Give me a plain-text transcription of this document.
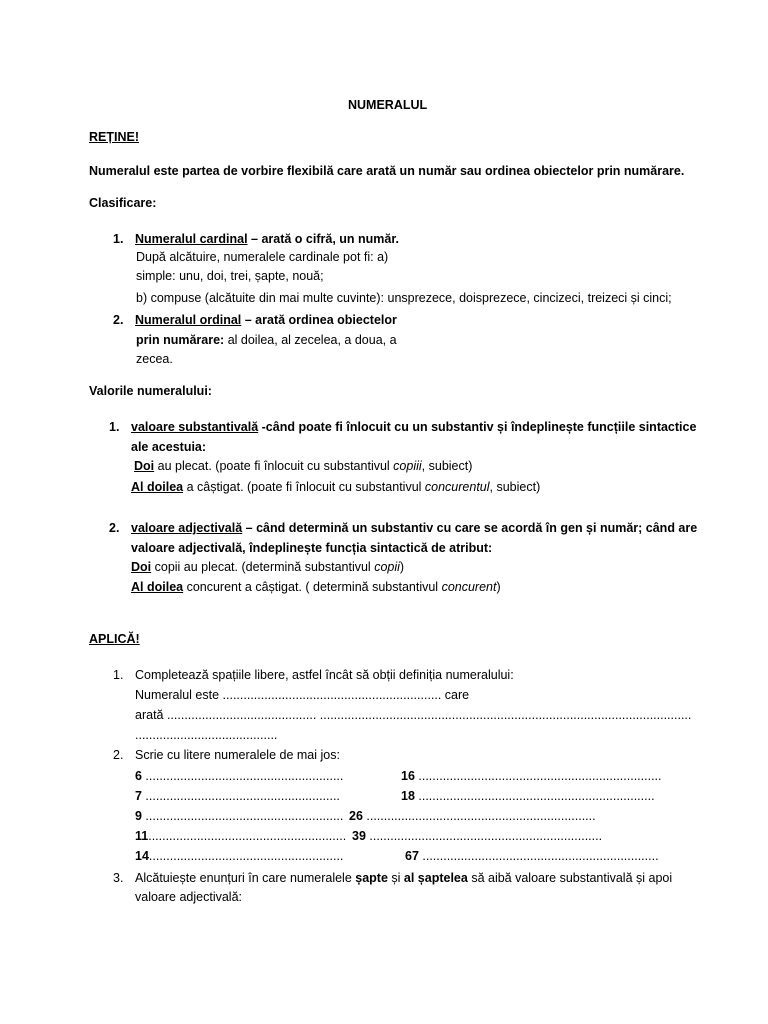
NUMERALUL
REȚINE!
Numeralul este partea de vorbire flexibilă care arată un număr sau ordinea obiectelor prin numărare.
Clasificare:
1. Numeralul cardinal – arată o cifră, un număr.
După alcătuire, numeralele cardinale pot fi: a)
simple: unu, doi, trei, șapte, nouă;
b) compuse (alcătuite din mai multe cuvinte): unsprezece, doisprezece, cincizeci, treizeci și cinci;
2. Numeralul ordinal – arată ordinea obiectelor
prin numărare: al doilea, al zecelea, a doua, a
zecea.
Valorile numeralului:
1. valoare substantivală -când poate fi înlocuit cu un substantiv și îndeplinește funcțiile sintactice
ale acestuia:
Doi au plecat. (poate fi înlocuit cu substantivul copiii, subiect)
Al doilea a câștigat. (poate fi înlocuit cu substantivul concurentul, subiect)
2. valoare adjectivală – când determină un substantiv cu care se acordă în gen și număr; când are
valoare adjectivală, îndeplinește funcția sintactică de atribut:
Doi copii au plecat. (determină substantivul copii)
Al doilea concurent a câștigat. ( determină substantivul concurent)
APLICĂ!
1. Completează spațiile libere, astfel încât să obții definiția numeralului:
Numeralul este ............................................................... care
arată ........................................... ...........................................................................................................
.........................................
2. Scrie cu litere numeralele de mai jos:
6 .........................................................	16 ......................................................................
7 ........................................................	18 ....................................................................
9 ......................................................... 26 ..................................................................
11......................................................... 39 ...................................................................
14........................................................	67 ....................................................................
3. Alcătuiește enunțuri în care numeralele șapte și al șaptelea să aibă valoare substantivală și apoi
valoare adjectivală:
